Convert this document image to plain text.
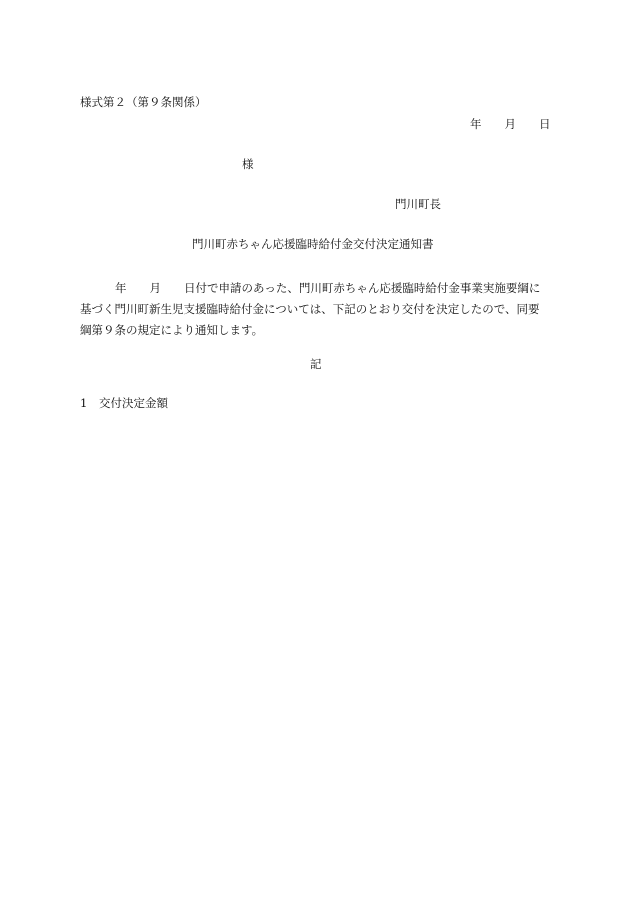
様式第２（第９条関係）
年 月 日
様
門川町長
門川町赤ちゃん応援臨時給付金交付決定通知書
年 月 日付で申請のあった、門川町赤ちゃん応援臨時給付金事業実施要綱に
基づく門川町新生児支援臨時給付金については、下記のとおり交付を決定したので、同要
綱第９条の規定により通知します。
記
1 交付決定金額
